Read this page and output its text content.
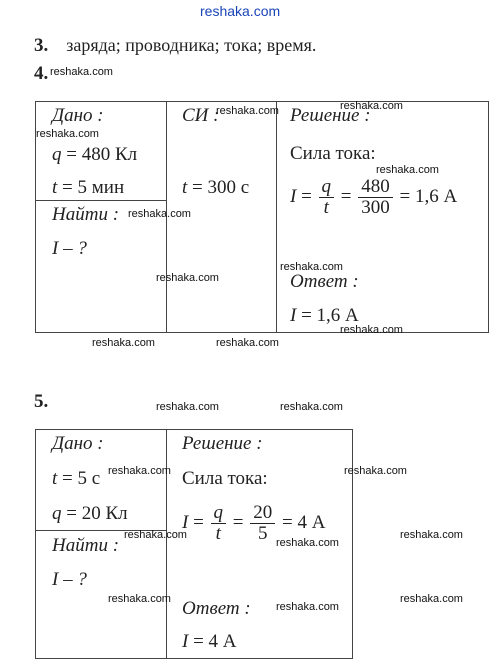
reshaka.com
3. заряда; проводника; тока; время.
4. reshaka.com
Дано :
q = 480 Кл
t = 5 мин
Найти :
I – ?
СИ :
t = 300 с
Решение :
Сила тока:
$I = \frac{q}{t} = \frac{480}{300} = 1,6$ А
Ответ :
I = 1,6 А
reshaka.com	reshaka.com
reshaka.com
reshaka.com
reshaka.com
reshaka.com
reshaka.com
reshaka.com
reshaka.com	reshaka.com
5.	reshaka.com	reshaka.com
Дано :
t = 5 с
q = 20 Кл
Найти :
I – ?
Решение :
Сила тока:
$I = \frac{q}{t} = \frac{20}{5} = 4$ А
Ответ :
I = 4 А
reshaka.com	reshaka.com
reshaka.com	reshaka.com
reshaka.com
reshaka.com
reshaka.com
reshaka.com
